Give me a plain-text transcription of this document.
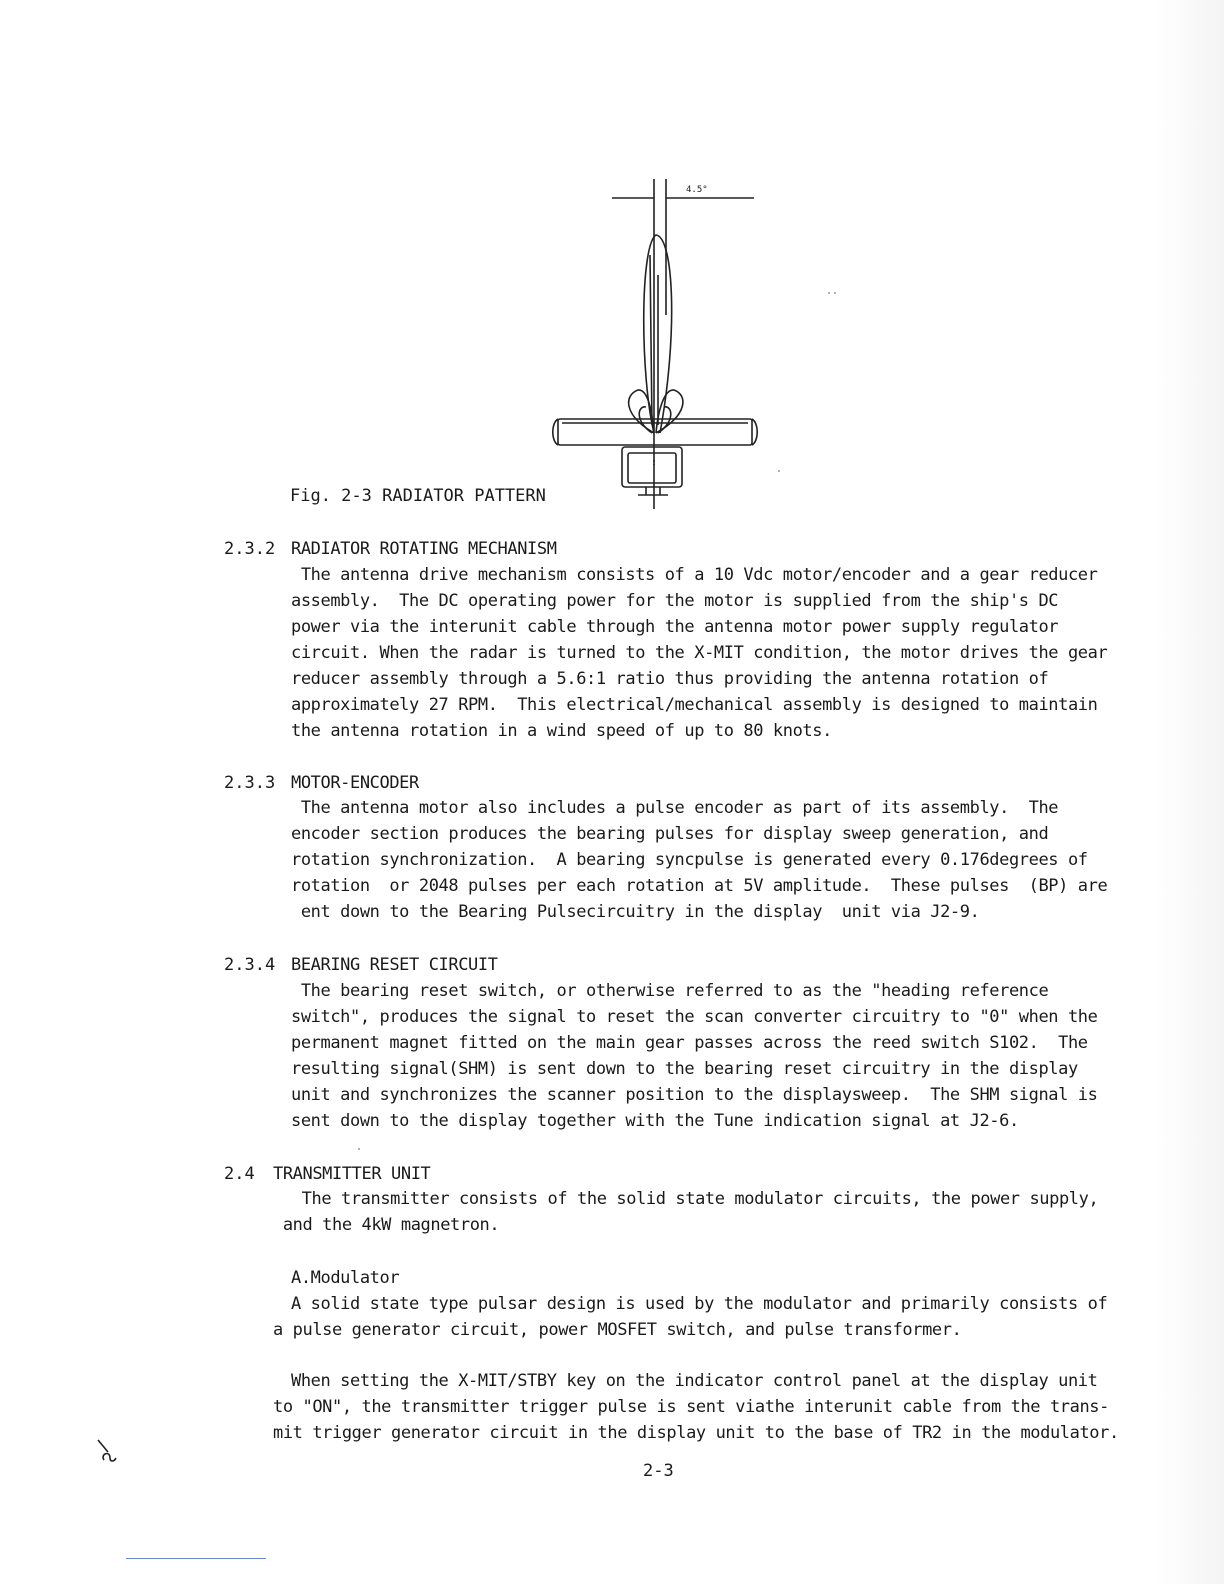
4.5°
Fig. 2-3 RADIATOR PATTERN
2.3.2 RADIATOR ROTATING MECHANISM
The antenna drive mechanism consists of a 10 Vdc motor/encoder and a gear reducer
assembly.  The DC operating power for the motor is supplied from the ship's DC
power via the interunit cable through the antenna motor power supply regulator
circuit. When the radar is turned to the X-MIT condition, the motor drives the gear
reducer assembly through a 5.6:1 ratio thus providing the antenna rotation of
approximately 27 RPM.  This electrical/mechanical assembly is designed to maintain
the antenna rotation in a wind speed of up to 80 knots.
2.3.3 MOTOR-ENCODER
The antenna motor also includes a pulse encoder as part of its assembly.  The
encoder section produces the bearing pulses for display sweep generation, and
rotation synchronization.  A bearing syncpulse is generated every 0.176degrees of
rotation  or 2048 pulses per each rotation at 5V amplitude.  These pulses  (BP) are
ent down to the Bearing Pulsecircuitry in the display  unit via J2-9.
2.3.4 BEARING RESET CIRCUIT
The bearing reset switch, or otherwise referred to as the "heading reference
switch", produces the signal to reset the scan converter circuitry to "0" when the
permanent magnet fitted on the main gear passes across the reed switch S102.  The
resulting signal(SHM) is sent down to the bearing reset circuitry in the display
unit and synchronizes the scanner position to the displaysweep.  The SHM signal is
sent down to the display together with the Tune indication signal at J2-6.
2.4 TRANSMITTER UNIT
The transmitter consists of the solid state modulator circuits, the power supply,
and the 4kW magnetron.
A.Modulator
A solid state type pulsar design is used by the modulator and primarily consists of
a pulse generator circuit, power MOSFET switch, and pulse transformer.
When setting the X-MIT/STBY key on the indicator control panel at the display unit
to "ON", the transmitter trigger pulse is sent viathe interunit cable from the trans-
mit trigger generator circuit in the display unit to the base of TR2 in the modulator.
2-3
